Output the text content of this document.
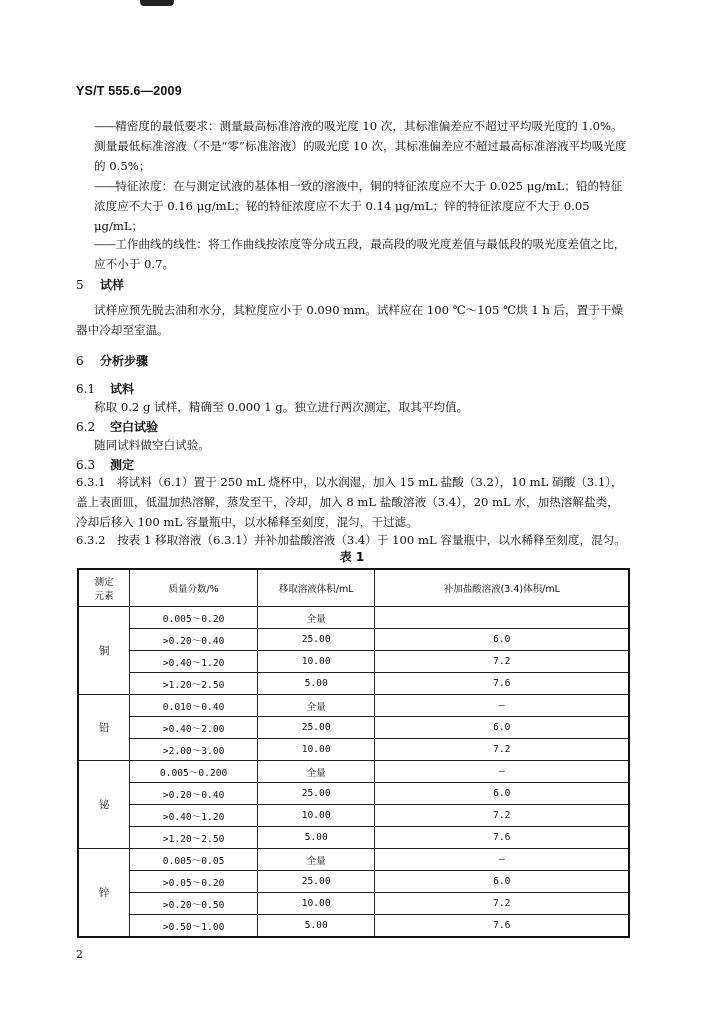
YS/T 555.6—2009

——精密度的最低要求：测量最高标准溶液的吸光度 10 次，其标准偏差应不超过平均吸光度的 1.0%。测量最低标准溶液（不是“零”标准溶液）的吸光度 10 次，其标准偏差应不超过最高标准溶液平均吸光度的 0.5%；

——特征浓度：在与测定试液的基体相一致的溶液中，铜的特征浓度应不大于 0.025 μg/mL；铅的特征浓度应不大于 0.16 μg/mL；铋的特征浓度应不大于 0.14 μg/mL；锌的特征浓度应不大于 0.05 μg/mL；

——工作曲线的线性：将工作曲线按浓度等分成五段，最高段的吸光度差值与最低段的吸光度差值之比，应不小于 0.7。

5 试样

试样应预先脱去油和水分，其粒度应小于 0.090 mm。试样应在 100 ℃～105 ℃烘 1 h 后，置于干燥器中冷却至室温。

6 分析步骤
6.1 试料
称取 0.2 g 试样，精确至 0.000 1 g。独立进行两次测定，取其平均值。
6.2 空白试验
随同试料做空白试验。
6.3 测定

6.3.1　将试料（6.1）置于 250 mL 烧杯中，以水润湿，加入 15 mL 盐酸（3.2），10 mL 硝酸（3.1），盖上表面皿，低温加热溶解，蒸发至干，冷却，加入 8 mL 盐酸溶液（3.4），20 mL 水，加热溶解盐类，冷却后移入 100 mL 容量瓶中，以水稀释至刻度，混匀，干过滤。

6.3.2　按表 1 移取溶液（6.3.1）并补加盐酸溶液（3.4）于 100 mL 容量瓶中，以水稀释至刻度，混匀。

表 1
测定
元素	质量分数/%	移取溶液体积/mL	补加盐酸溶液(3.4)体积/mL
铜	0.005～0.20	全量	
	>0.20～0.40	25.00	6.0
	>0.40～1.20	10.00	7.2
	>1.20～2.50	5.00	7.6
铅	0.010～0.40	全量	—
	>0.40～2.00	25.00	6.0
	>2.00～3.00	10.00	7.2
铋	0.005～0.200	全量	—
	>0.20～0.40	25.00	6.0
	>0.40～1.20	10.00	7.2
	>1.20～2.50	5.00	7.6
锌	0.005～0.05	全量	—
	>0.05～0.20	25.00	6.0
	>0.20～0.50	10.00	7.2
	>0.50～1.00	5.00	7.6
2
